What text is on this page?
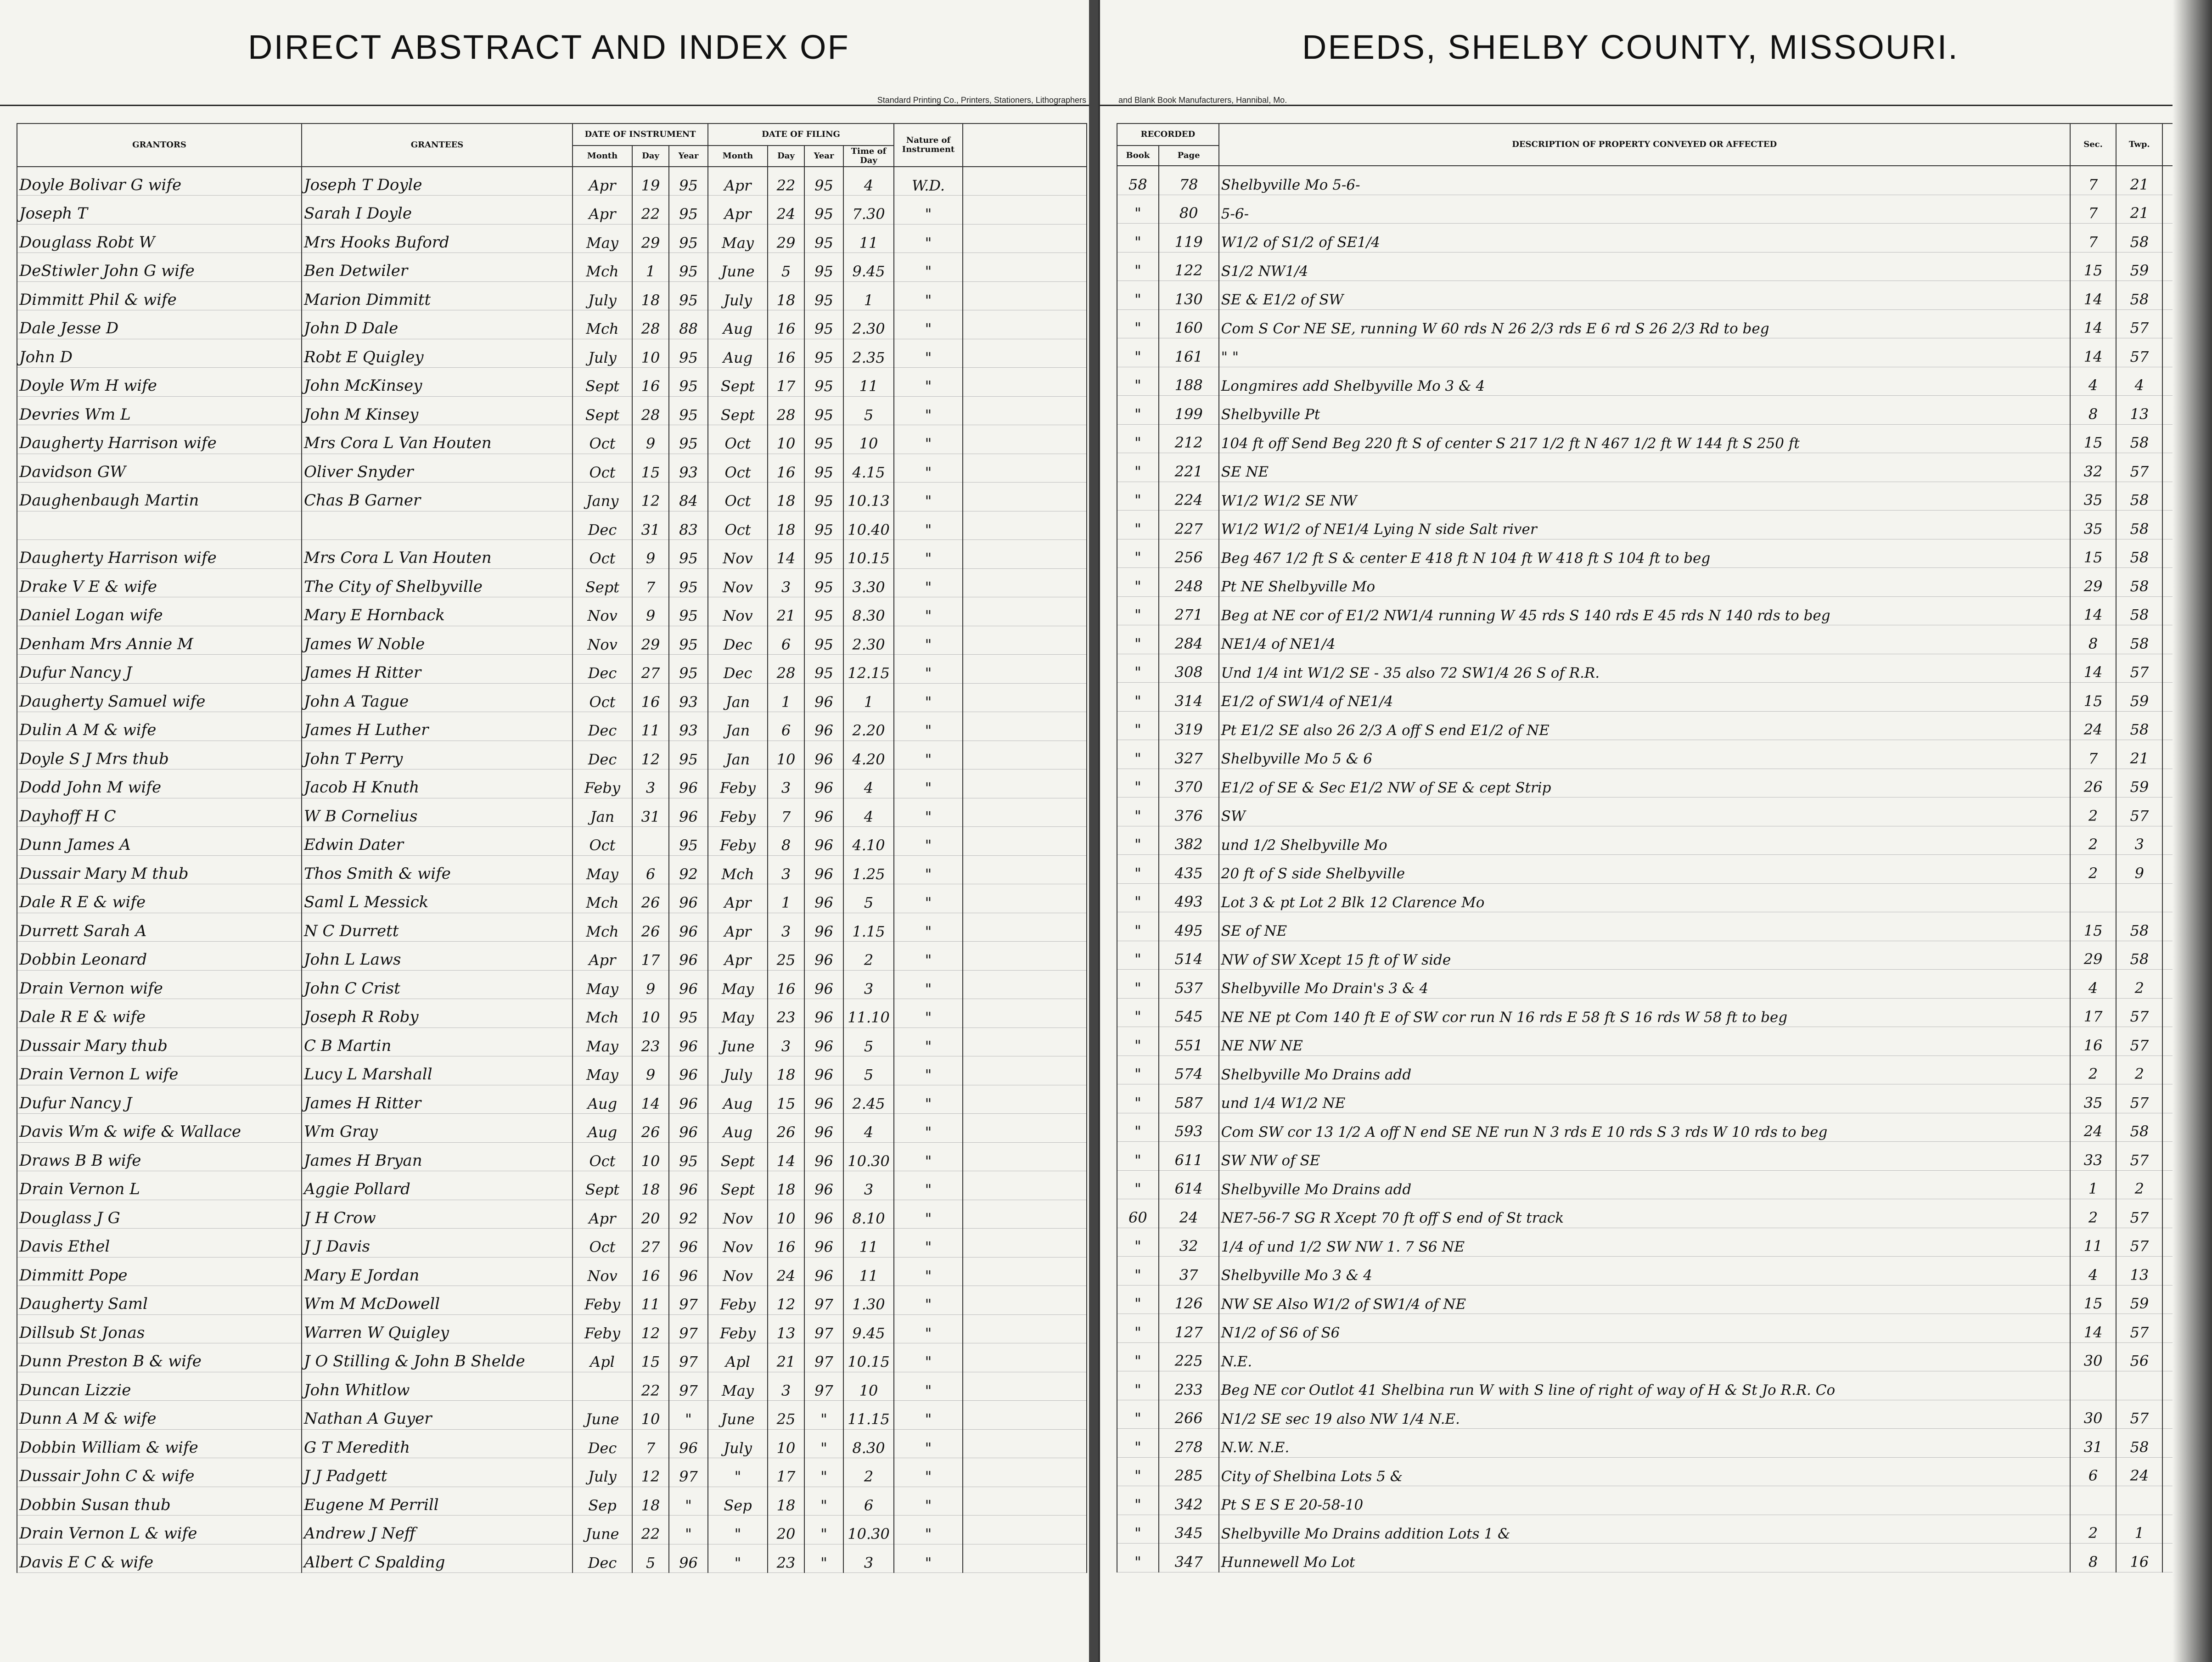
DIRECT ABSTRACT AND INDEX OF
Standard Printing Co., Printers, Stationers, Lithographers
GRANTORS	GRANTEES	DATE OF INSTRUMENT			DATE OF FILING				Nature of Instrument	
		Month	Day	Year	Month	Day	Year	Time of Day		
Doyle Bolivar G wife	Joseph T Doyle	Apr	19	95	Apr	22	95	4	W.D.	
Joseph T	Sarah I Doyle	Apr	22	95	Apr	24	95	7.30	"	
Douglass Robt W	Mrs Hooks Buford	May	29	95	May	29	95	11	"	
DeStiwler John G wife	Ben Detwiler	Mch	1	95	June	5	95	9.45	"	
Dimmitt Phil & wife	Marion Dimmitt	July	18	95	July	18	95	1	"	
Dale Jesse D	John D Dale	Mch	28	88	Aug	16	95	2.30	"	
John D	Robt E Quigley	July	10	95	Aug	16	95	2.35	"	
Doyle Wm H wife	John McKinsey	Sept	16	95	Sept	17	95	11	"	
Devries Wm L	John M Kinsey	Sept	28	95	Sept	28	95	5	"	
Daugherty Harrison wife	Mrs Cora L Van Houten	Oct	9	95	Oct	10	95	10	"	
Davidson GW	Oliver Snyder	Oct	15	93	Oct	16	95	4.15	"	
Daughenbaugh Martin	Chas B Garner	Jany	12	84	Oct	18	95	10.13	"	
		Dec	31	83	Oct	18	95	10.40	"	
Daugherty Harrison wife	Mrs Cora L Van Houten	Oct	9	95	Nov	14	95	10.15	"	
Drake V E & wife	The City of Shelbyville	Sept	7	95	Nov	3	95	3.30	"	
Daniel Logan wife	Mary E Hornback	Nov	9	95	Nov	21	95	8.30	"	
Denham Mrs Annie M	James W Noble	Nov	29	95	Dec	6	95	2.30	"	
Dufur Nancy J	James H Ritter	Dec	27	95	Dec	28	95	12.15	"	
Daugherty Samuel wife	John A Tague	Oct	16	93	Jan	1	96	1	"	
Dulin A M & wife	James H Luther	Dec	11	93	Jan	6	96	2.20	"	
Doyle S J Mrs thub	John T Perry	Dec	12	95	Jan	10	96	4.20	"	
Dodd John M wife	Jacob H Knuth	Feby	3	96	Feby	3	96	4	"	
Dayhoff H C	W B Cornelius	Jan	31	96	Feby	7	96	4	"	
Dunn James A	Edwin Dater	Oct		95	Feby	8	96	4.10	"	
Dussair Mary M thub	Thos Smith & wife	May	6	92	Mch	3	96	1.25	"	
Dale R E & wife	Saml L Messick	Mch	26	96	Apr	1	96	5	"	
Durrett Sarah A	N C Durrett	Mch	26	96	Apr	3	96	1.15	"	
Dobbin Leonard	John L Laws	Apr	17	96	Apr	25	96	2	"	
Drain Vernon wife	John C Crist	May	9	96	May	16	96	3	"	
Dale R E & wife	Joseph R Roby	Mch	10	95	May	23	96	11.10	"	
Dussair Mary thub	C B Martin	May	23	96	June	3	96	5	"	
Drain Vernon L wife	Lucy L Marshall	May	9	96	July	18	96	5	"	
Dufur Nancy J	James H Ritter	Aug	14	96	Aug	15	96	2.45	"	
Davis Wm & wife & Wallace	Wm Gray	Aug	26	96	Aug	26	96	4	"	
Draws B B wife	James H Bryan	Oct	10	95	Sept	14	96	10.30	"	
Drain Vernon L	Aggie Pollard	Sept	18	96	Sept	18	96	3	"	
Douglass J G	J H Crow	Apr	20	92	Nov	10	96	8.10	"	
Davis Ethel	J J Davis	Oct	27	96	Nov	16	96	11	"	
Dimmitt Pope	Mary E Jordan	Nov	16	96	Nov	24	96	11	"	
Daugherty Saml	Wm M McDowell	Feby	11	97	Feby	12	97	1.30	"	
Dillsub St Jonas	Warren W Quigley	Feby	12	97	Feby	13	97	9.45	"	
Dunn Preston B & wife	J O Stilling & John B Shelde	Apl	15	97	Apl	21	97	10.15	"	
Duncan Lizzie	John Whitlow		22	97	May	3	97	10	"	
Dunn A M & wife	Nathan A Guyer	June	10	"	June	25	"	11.15	"	
Dobbin William & wife	G T Meredith	Dec	7	96	July	10	"	8.30	"	
Dussair John C & wife	J J Padgett	July	12	97	"	17	"	2	"	
Dobbin Susan thub	Eugene M Perrill	Sep	18	"	Sep	18	"	6	"	
Drain Vernon L & wife	Andrew J Neff	June	22	"	"	20	"	10.30	"	
Davis E C & wife	Albert C Spalding	Dec	5	96	"	23	"	3	"	
DEEDS, SHELBY COUNTY, MISSOURI.
and Blank Book Manufacturers, Hannibal, Mo.
RECORDED		DESCRIPTION OF PROPERTY CONVEYED OR AFFECTED	Sec.	Twp.	
Book	Page				
58	78	Shelbyville Mo 5-6-	7	21	
"	80	5-6-	7	21	
"	119	W1/2 of S1/2 of SE1/4	7	58	
"	122	S1/2 NW1/4	15	59	
"	130	SE & E1/2 of SW	14	58	
"	160	Com S Cor NE SE, running W 60 rds N 26 2/3 rds E 6 rd S 26 2/3 Rd to beg	14	57	
"	161	" "	14	57	
"	188	Longmires add Shelbyville Mo 3 & 4	4	4	
"	199	Shelbyville Pt	8	13	
"	212	104 ft off Send Beg 220 ft S of center S 217 1/2 ft N 467 1/2 ft W 144 ft S 250 ft	15	58	
"	221	SE NE	32	57	
"	224	W1/2 W1/2 SE NW	35	58	
"	227	W1/2 W1/2 of NE1/4 Lying N side Salt river	35	58	
"	256	Beg 467 1/2 ft S & center E 418 ft N 104 ft W 418 ft S 104 ft to beg	15	58	
"	248	Pt NE Shelbyville Mo	29	58	
"	271	Beg at NE cor of E1/2 NW1/4 running W 45 rds S 140 rds E 45 rds N 140 rds to beg	14	58	
"	284	NE1/4 of NE1/4	8	58	
"	308	Und 1/4 int W1/2 SE - 35 also 72 SW1/4 26 S of R.R.	14	57	
"	314	E1/2 of SW1/4 of NE1/4	15	59	
"	319	Pt E1/2 SE also 26 2/3 A off S end E1/2 of NE	24	58	
"	327	Shelbyville Mo 5 & 6	7	21	
"	370	E1/2 of SE & Sec E1/2 NW of SE & cept Strip	26	59	
"	376	SW	2	57	
"	382	und 1/2 Shelbyville Mo	2	3	
"	435	20 ft of S side Shelbyville	2	9	
"	493	Lot 3 & pt Lot 2 Blk 12 Clarence Mo			
"	495	SE of NE	15	58	
"	514	NW of SW Xcept 15 ft of W side	29	58	
"	537	Shelbyville Mo Drain's 3 & 4	4	2	
"	545	NE NE pt Com 140 ft E of SW cor run N 16 rds E 58 ft S 16 rds W 58 ft to beg	17	57	
"	551	NE NW NE	16	57	
"	574	Shelbyville Mo Drains add	2	2	
"	587	und 1/4 W1/2 NE	35	57	
"	593	Com SW cor 13 1/2 A off N end SE NE run N 3 rds E 10 rds S 3 rds W 10 rds to beg	24	58	
"	611	SW NW of SE	33	57	
"	614	Shelbyville Mo Drains add	1	2	
60	24	NE7-56-7 SG R Xcept 70 ft off S end of St track	2	57	
"	32	1/4 of und 1/2 SW NW 1. 7 S6 NE	11	57	
"	37	Shelbyville Mo 3 & 4	4	13	
"	126	NW SE Also W1/2 of SW1/4 of NE	15	59	
"	127	N1/2 of S6 of S6	14	57	
"	225	N.E.	30	56	
"	233	Beg NE cor Outlot 41 Shelbina run W with S line of right of way of H & St Jo R.R. Co			
"	266	N1/2 SE sec 19 also NW 1/4 N.E.	30	57	
"	278	N.W. N.E.	31	58	
"	285	City of Shelbina Lots 5 &	6	24	
"	342	Pt S E S E 20-58-10			
"	345	Shelbyville Mo Drains addition Lots 1 &	2	1	
"	347	Hunnewell Mo Lot	8	16	
